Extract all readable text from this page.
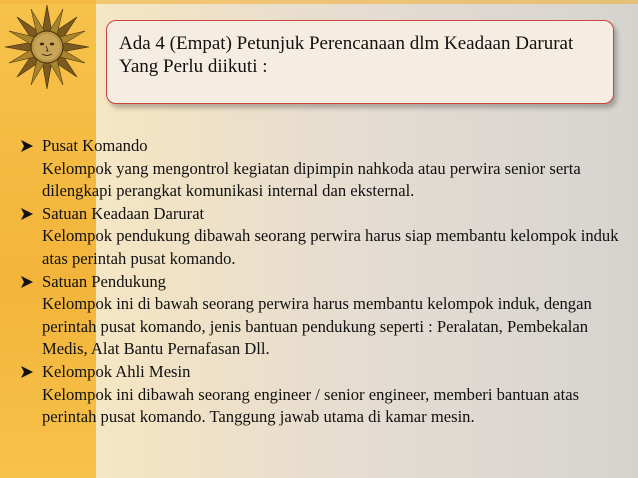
Ada 4 (Empat) Petunjuk Perencanaan dlm Keadaan Darurat Yang Perlu diikuti :
Pusat Komando

Kelompok yang mengontrol kegiatan dipimpin nahkoda atau perwira senior serta dilengkapi perangkat komunikasi internal dan eksternal.

Satuan Keadaan Darurat

Kelompok pendukung dibawah seorang perwira harus siap membantu kelompok induk atas perintah pusat komando.

Satuan Pendukung

Kelompok ini di bawah seorang perwira harus membantu kelompok induk, dengan perintah pusat komando, jenis bantuan pendukung seperti : Peralatan, Pembekalan Medis, Alat Bantu Pernafasan Dll.

Kelompok Ahli Mesin

Kelompok ini dibawah seorang engineer / senior engineer, memberi bantuan atas perintah pusat komando. Tanggung jawab utama di kamar mesin.
